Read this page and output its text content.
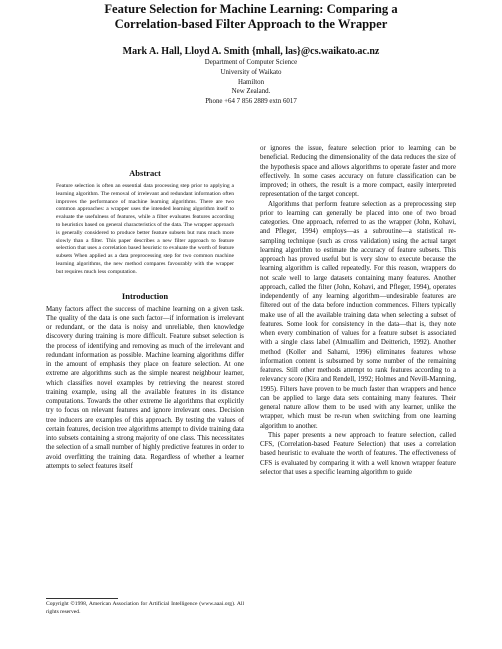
Feature Selection for Machine Learning: Comparing a
Correlation-based Filter Approach to the Wrapper
Mark A. Hall, Lloyd A. Smith {mhall, las}@cs.waikato.ac.nz
Department of Computer Science
University of Waikato
Hamilton
New Zealand.
Phone +64 7 856 2889 extn 6017
Abstract
Feature selection is often an essential data processing step prior to applying a learning algorithm. The removal of irrelevant and redundant information often improves the performance of machine learning algorithms. There are two common approaches: a wrapper uses the intended learning algorithm itself to evaluate the usefulness of features, while a filter evaluates features according to heuristics based on general characteristics of the data. The wrapper approach is generally considered to produce better feature subsets but runs much more slowly than a filter. This paper describes a new filter approach to feature selection that uses a correlation based heuristic to evaluate the worth of feature subsets When applied as a data preprocessing step for two common machine learning algorithms, the new method compares favourably with the wrapper but requires much less computation.
Introduction

Many factors affect the success of machine learning on a given task. The quality of the data is one such factor—if information is irrelevant or redundant, or the data is noisy and unreliable, then knowledge discovery during training is more difficult. Feature subset selection is the process of identifying and removing as much of the irrelevant and redundant information as possible. Machine learning algorithms differ in the amount of emphasis they place on feature selection. At one extreme are algorithms such as the simple nearest neighbour learner, which classifies novel examples by retrieving the nearest stored training example, using all the available features in its distance computations. Towards the other extreme lie algorithms that explicitly try to focus on relevant features and ignore irrelevant ones. Decision tree inducers are examples of this approach. By testing the values of certain features, decision tree algorithms attempt to divide training data into subsets containing a strong majority of one class. This necessitates the selection of a small number of highly predictive features in order to avoid overfitting the training data. Regardless of whether a learner attempts to select features itself

or ignores the issue, feature selection prior to learning can be beneficial. Reducing the dimensionality of the data reduces the size of the hypothesis space and allows algorithms to operate faster and more effectively. In some cases accuracy on future classification can be improved; in others, the result is a more compact, easily interpreted representation of the target concept.

Algorithms that perform feature selection as a preprocessing step prior to learning can generally be placed into one of two broad categories. One approach, referred to as the wrapper (John, Kohavi, and Pfleger, 1994) employs—as a subroutine—a statistical re-sampling technique (such as cross validation) using the actual target learning algorithm to estimate the accuracy of feature subsets. This approach has proved useful but is very slow to execute because the learning algorithm is called repeatedly. For this reason, wrappers do not scale well to large datasets containing many features. Another approach, called the filter (John, Kohavi, and Pfleger, 1994), operates independently of any learning algorithm—undesirable features are filtered out of the data before induction commences. Filters typically make use of all the available training data when selecting a subset of features. Some look for consistency in the data—that is, they note when every combination of values for a feature subset is associated with a single class label (Almuallim and Deitterich, 1992). Another method (Koller and Sahami, 1996) eliminates features whose information content is subsumed by some number of the remaining features. Still other methods attempt to rank features according to a relevancy score (Kira and Rendell, 1992; Holmes and Nevill-Manning, 1995). Filters have proven to be much faster than wrappers and hence can be applied to large data sets containing many features. Their general nature allow them to be used with any learner, unlike the wrapper, which must be re-run when switching from one learning algorithm to another.

This paper presents a new approach to feature selection, called CFS, (Correlation-based Feature Selection) that uses a correlation based heuristic to evaluate the worth of features. The effectiveness of CFS is evaluated by comparing it with a well known wrapper feature selector that uses a specific learning algorithm to guide

Copyright ©1998, American Association for Artificial Intelligence (www.aaai.org). All rights reserved.
